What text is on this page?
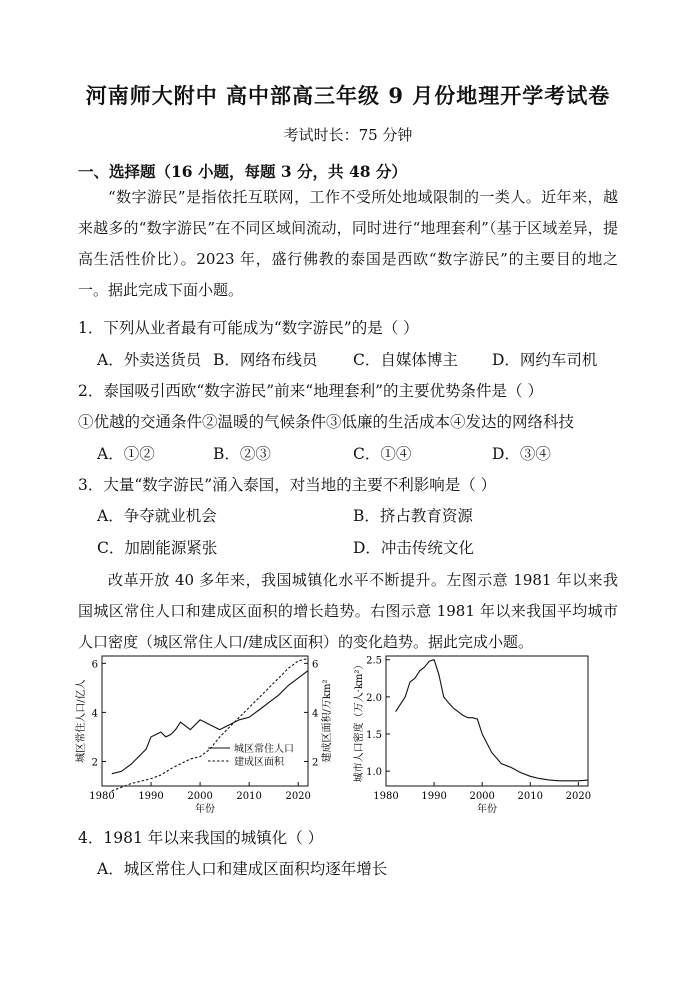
河南师大附中 高中部高三年级 9 月份地理开学考试卷
考试时长：75 分钟
一、选择题（16 小题，每题 3 分，共 48 分）
“数字游民”是指依托互联网，工作不受所处地域限制的一类人。近年来，越来越多的“数字游民”在不同区域间流动，同时进行“地理套利”（基于区域差异，提高生活性价比）。2023 年，盛行佛教的泰国是西欧“数字游民”的主要目的地之一。据此完成下面小题。
1．下列从业者最有可能成为“数字游民”的是（ ）
A．外卖送货员 B．网络布线员 C．自媒体博主 D．网约车司机
2．泰国吸引西欧“数字游民”前来“地理套利”的主要优势条件是（ ）
①优越的交通条件②温暖的气候条件③低廉的生活成本④发达的网络科技
A．①②	B．②③	C．①④	D．③④
3．大量“数字游民”涌入泰国，对当地的主要不利影响是（ ）
A．争夺就业机会	B．挤占教育资源
C．加剧能源紧张	D．冲击传统文化
改革开放 40 多年来，我国城镇化水平不断提升。左图示意 1981 年以来我国城区常住人口和建成区面积的增长趋势。右图示意 1981 年以来我国平均城市人口密度（城区常住人口/建成区面积）的变化趋势。据此完成小题。
1980 1990 2000 2010 2020
2
4
6
2
4
6
城区常住人口/亿人	建成区面积/万km²
年份
城区常住人口
建成区面积
1980 1990 2000 2010 2020
1.0
1.5
2.0
2.5
城市人口密度（万人·km²）
年份
4．1981 年以来我国的城镇化（ ）
A．城区常住人口和建成区面积均逐年增长
